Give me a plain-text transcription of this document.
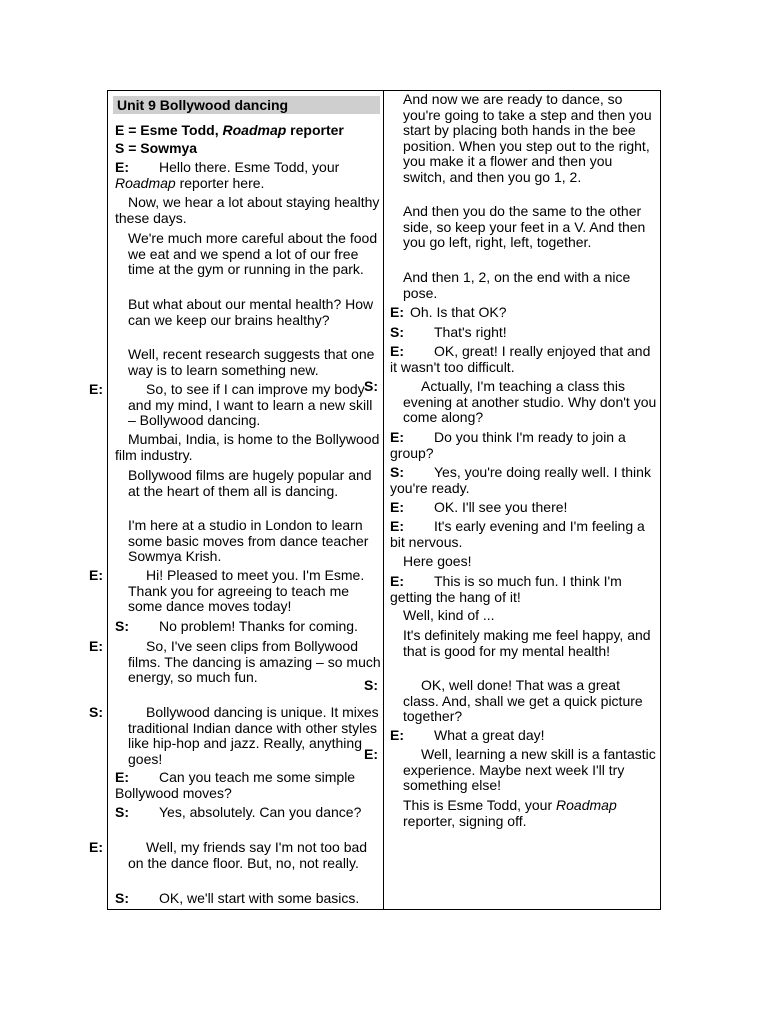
Unit 9 Bollywood dancing
E = Esme Todd, Roadmap reporter
S = Sowmya
E: Hello there. Esme Todd, your
Roadmap reporter here.
Now, we hear a lot about staying healthy these days.
We're much more careful about the food we eat and we spend a lot of our free time at the gym or running in the park.
But what about our mental health? How can we keep our brains healthy?
Well, recent research suggests that one way is to learn something new.
E:	So, to see if I can improve my body and my mind, I want to learn a new skill – Bollywood dancing.
Mumbai, India, is home to the Bollywood film industry.
Bollywood films are hugely popular and at the heart of them all is dancing.
I'm here at a studio in London to learn some basic moves from dance teacher Sowmya Krish.
E:	Hi! Pleased to meet you. I'm Esme. Thank you for agreeing to teach me some dance moves today!
S: No problem! Thanks for coming.
E:	So, I've seen clips from Bollywood films. The dancing is amazing – so much energy, so much fun.
S:	Bollywood dancing is unique. It mixes traditional Indian dance with other styles like hip-hop and jazz. Really, anything goes!
E: Can you teach me some simple Bollywood moves?
S: Yes, absolutely. Can you dance?
E:	Well, my friends say I'm not too bad on the dance floor. But, no, not really.
S: OK, we'll start with some basics.
And now we are ready to dance, so you're going to take a step and then you start by placing both hands in the bee position. When you step out to the right, you make it a flower and then you switch, and then you go 1, 2.
And then you do the same to the other side, so keep your feet in a V. And then you go left, right, left, together.
And then 1, 2, on the end with a nice pose.
E: Oh. Is that OK?
S: That's right!
E: OK, great! I really enjoyed that and it wasn't too difficult.
S:	Actually, I'm teaching a class this evening at another studio. Why don't you come along?
E: Do you think I'm ready to join a group?
S: Yes, you're doing really well. I think you're ready.
E: OK. I'll see you there!
E: It's early evening and I'm feeling a bit nervous.
Here goes!
E: This is so much fun. I think I'm getting the hang of it!
Well, kind of ...
It's definitely making me feel happy, and that is good for my mental health!
S:	OK, well done! That was a great class. And, shall we get a quick picture together?
E: What a great day!
E:	Well, learning a new skill is a fantastic experience. Maybe next week I'll try something else!
This is Esme Todd, your Roadmap reporter, signing off.
